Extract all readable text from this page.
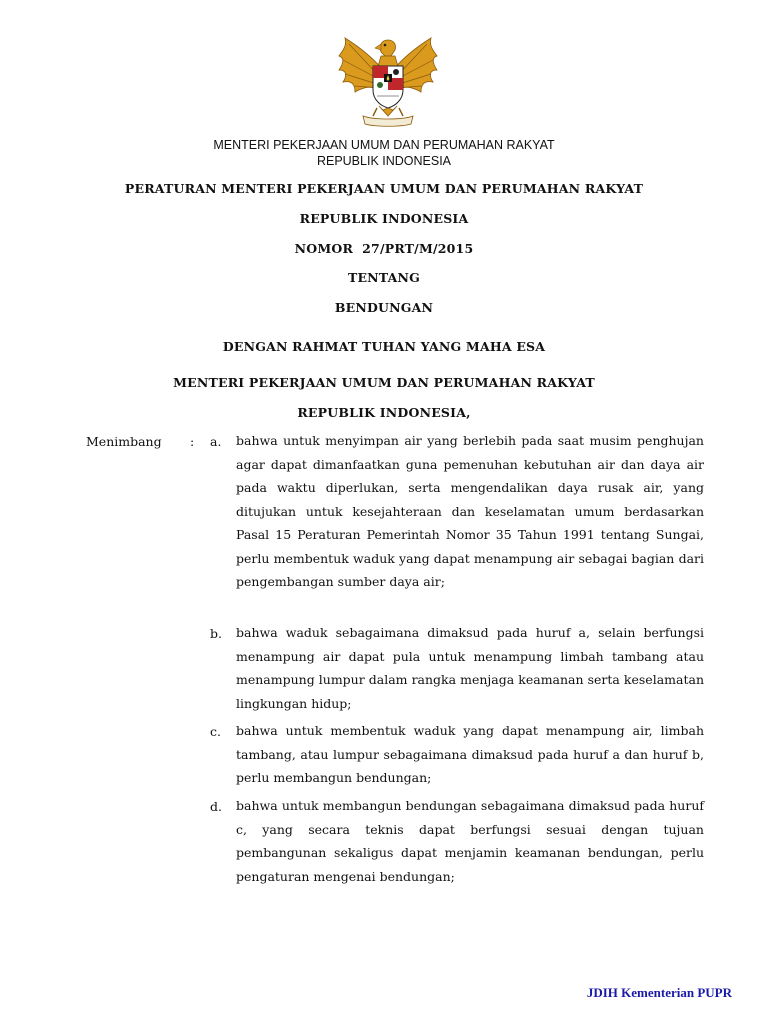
MENTERI PEKERJAAN UMUM DAN PERUMAHAN RAKYAT
REPUBLIK INDONESIA
PERATURAN MENTERI PEKERJAAN UMUM DAN PERUMAHAN RAKYAT
REPUBLIK INDONESIA
NOMOR  27/PRT/M/2015
TENTANG
BENDUNGAN
DENGAN RAHMAT TUHAN YANG MAHA ESA
MENTERI PEKERJAAN UMUM DAN PERUMAHAN RAKYAT
REPUBLIK INDONESIA,
Menimbang : a. bahwa untuk menyimpan air yang berlebih pada saat musim penghujan agar dapat dimanfaatkan guna pemenuhan kebutuhan air dan daya air pada waktu diperlukan, serta mengendalikan daya rusak air, yang ditujukan untuk kesejahteraan dan keselamatan umum berdasarkan Pasal 15 Peraturan Pemerintah Nomor 35 Tahun 1991 tentang Sungai, perlu membentuk waduk yang dapat menampung air sebagai bagian dari pengembangan sumber daya air;

b. bahwa waduk sebagaimana dimaksud pada huruf a, selain berfungsi menampung air dapat pula untuk menampung limbah tambang atau menampung lumpur dalam rangka menjaga keamanan serta keselamatan lingkungan hidup;

c. bahwa untuk membentuk waduk yang dapat menampung air, limbah tambang, atau lumpur sebagaimana dimaksud pada huruf a dan huruf b, perlu membangun bendungan;

d. bahwa untuk membangun bendungan sebagaimana dimaksud pada huruf c, yang secara teknis dapat berfungsi sesuai dengan tujuan pembangunan sekaligus dapat menjamin keamanan bendungan, perlu pengaturan mengenai bendungan;

JDIH Kementerian PUPR
